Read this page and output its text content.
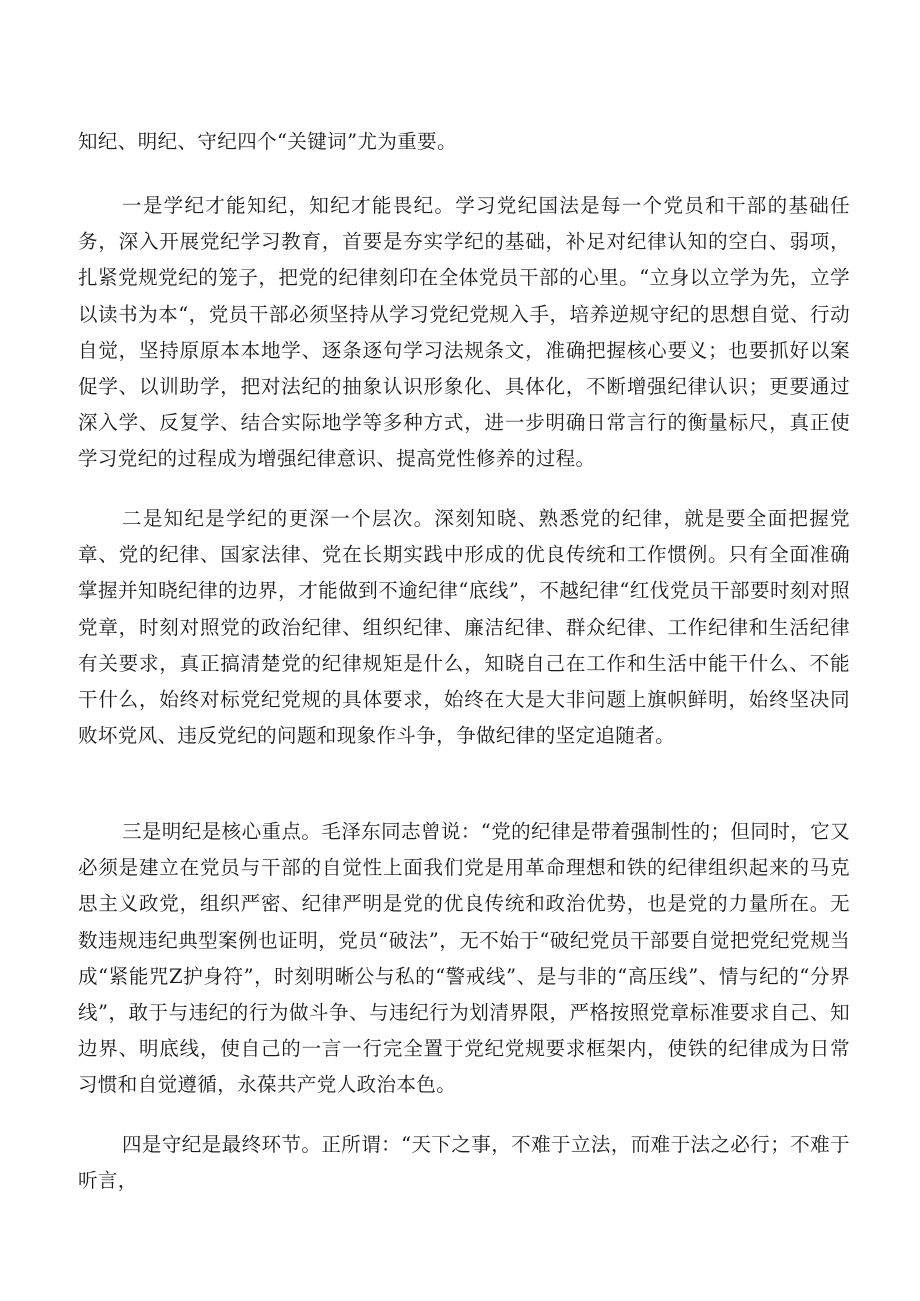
知纪、明纪、守纪四个“关键词”尤为重要。

一是学纪才能知纪，知纪才能畏纪。学习党纪国法是每一个党员和干部的基础任务，深入开展党纪学习教育，首要是夯实学纪的基础，补足对纪律认知的空白、弱项，扎紧党规党纪的笼子，把党的纪律刻印在全体党员干部的心里。“立身以立学为先，立学以读书为本“，党员干部必须坚持从学习党纪党规入手，培养逆规守纪的思想自觉、行动自觉，坚持原原本本地学、逐条逐句学习法规条文，准确把握核心要义；也要抓好以案促学、以训助学，把对法纪的抽象认识形象化、具体化，不断增强纪律认识；更要通过深入学、反复学、结合实际地学等多种方式，进一步明确日常言行的衡量标尺，真正使学习党纪的过程成为增强纪律意识、提高党性修养的过程。

二是知纪是学纪的更深一个层次。深刻知晓、熟悉党的纪律，就是要全面把握党章、党的纪律、国家法律、党在长期实践中形成的优良传统和工作惯例。只有全面准确掌握并知晓纪律的边界，才能做到不逾纪律“底线”，不越纪律“红伐党员干部要时刻对照党章，时刻对照党的政治纪律、组织纪律、廉洁纪律、群众纪律、工作纪律和生活纪律有关要求，真正搞清楚党的纪律规矩是什么，知晓自己在工作和生活中能干什么、不能干什么，始终对标党纪党规的具体要求，始终在大是大非问题上旗帜鲜明，始终坚决同败坏党风、违反党纪的问题和现象作斗争，争做纪律的坚定追随者。

三是明纪是核心重点。毛泽东同志曾说：“党的纪律是带着强制性的；但同时，它又必须是建立在党员与干部的自觉性上面我们党是用革命理想和铁的纪律组织起来的马克思主义政党，组织严密、纪律严明是党的优良传统和政治优势，也是党的力量所在。无数违规违纪典型案例也证明，党员“破法”，无不始于“破纪党员干部要自觉把党纪党规当成“紧能咒Z护身符”，时刻明晰公与私的“警戒线”、是与非的“高压线”、情与纪的“分界线”，敢于与违纪的行为做斗争、与违纪行为划清界限，严格按照党章标准要求自己、知边界、明底线，使自己的一言一行完全置于党纪党规要求框架内，使铁的纪律成为日常习惯和自觉遵循，永葆共产党人政治本色。

四是守纪是最终环节。正所谓：“天下之事，不难于立法，而难于法之必行；不难于听言，
